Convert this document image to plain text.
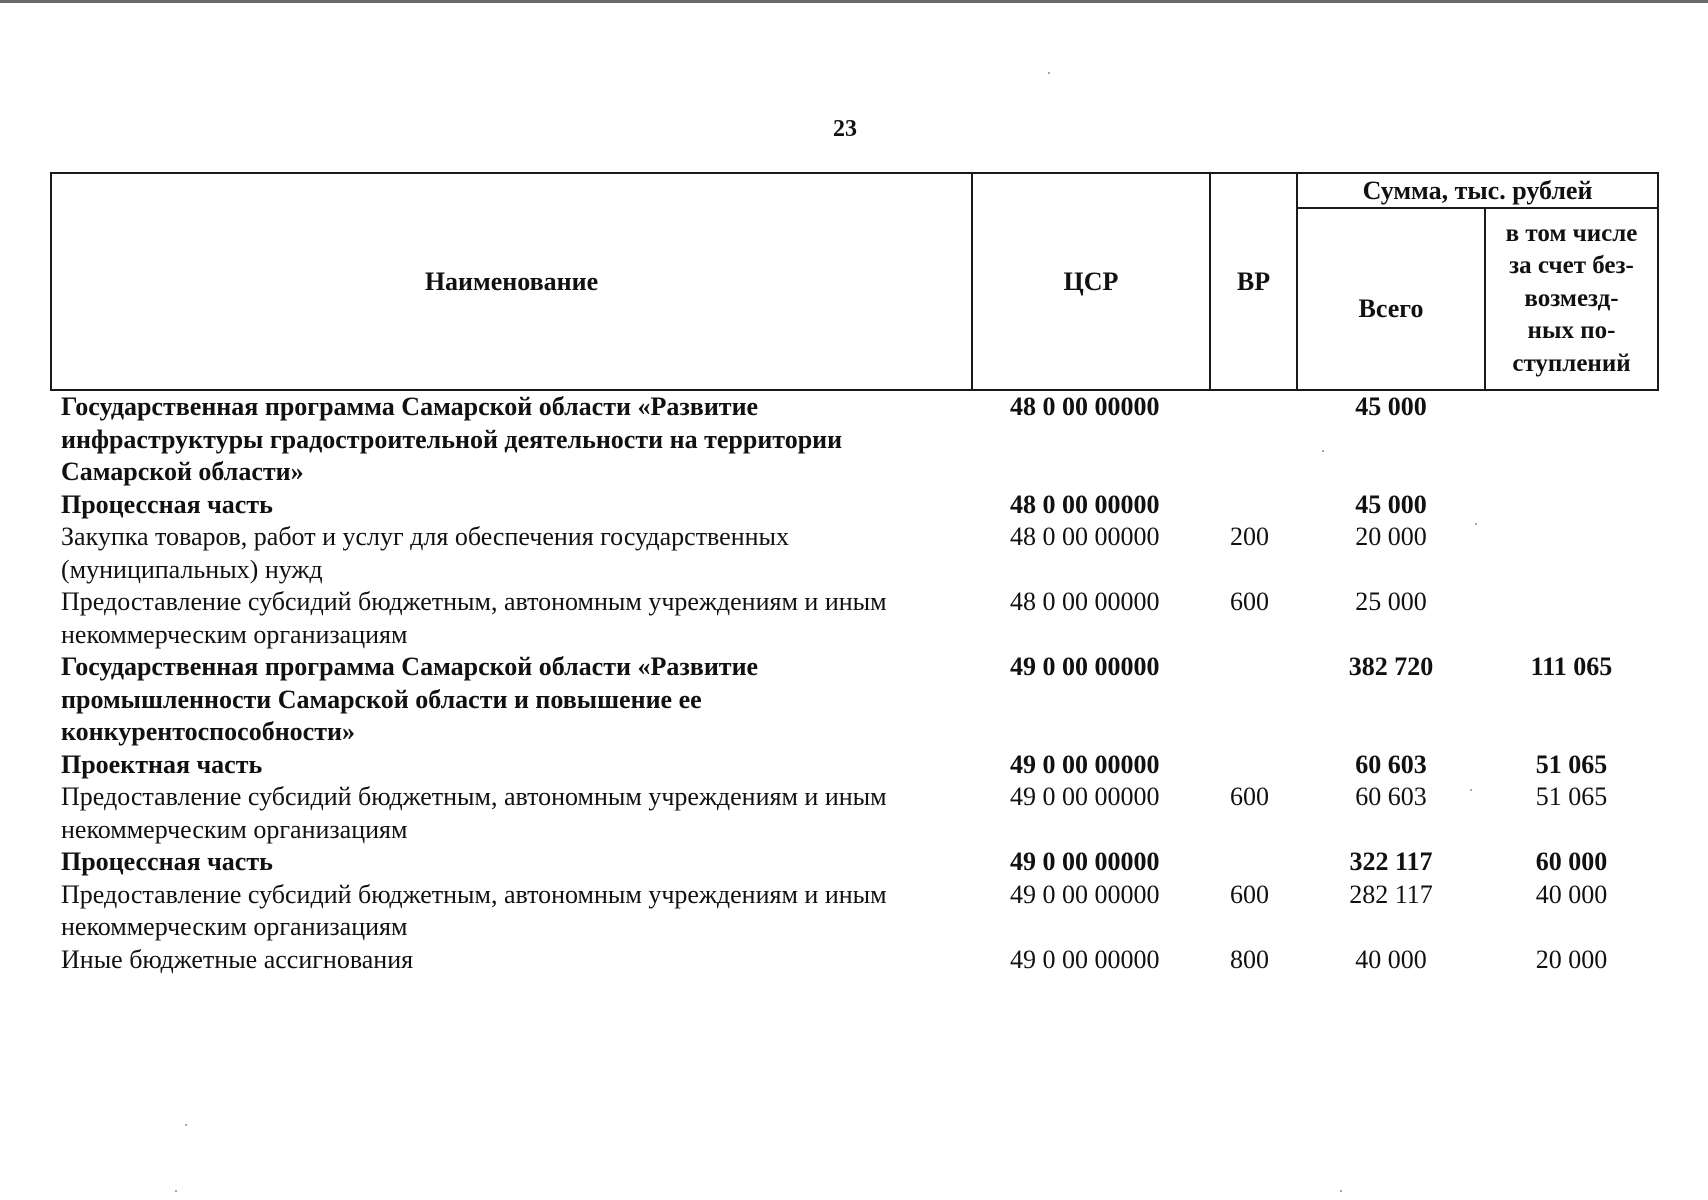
23
Наименование	ЦСР	ВР	Сумма, тыс. рублей	
			Всего	в том числе
за счет без-
возмезд-
ных по-
ступлений

Государственная программа Самарской области «Развитие инфраструктуры градостроительной деятельности на территории Самарской области»	48 0 00 00000		45 000	
Процессная часть	48 0 00 00000		45 000	
Закупка товаров, работ и услуг для обеспечения государственных (муниципальных) нужд	48 0 00 00000	200	20 000	
Предоставление субсидий бюджетным, автономным учреждениям и иным некоммерческим организациям	48 0 00 00000	600	25 000	
Государственная программа Самарской области «Развитие промышленности Самарской области и повышение ее конкурентоспособности»	49 0 00 00000		382 720	111 065
Проектная часть	49 0 00 00000		60 603	51 065
Предоставление субсидий бюджетным, автономным учреждениям и иным некоммерческим организациям	49 0 00 00000	600	60 603	51 065
Процессная часть	49 0 00 00000		322 117	60 000
Предоставление субсидий бюджетным, автономным учреждениям и иным некоммерческим организациям	49 0 00 00000	600	282 117	40 000
Иные бюджетные ассигнования	49 0 00 00000	800	40 000	20 000
